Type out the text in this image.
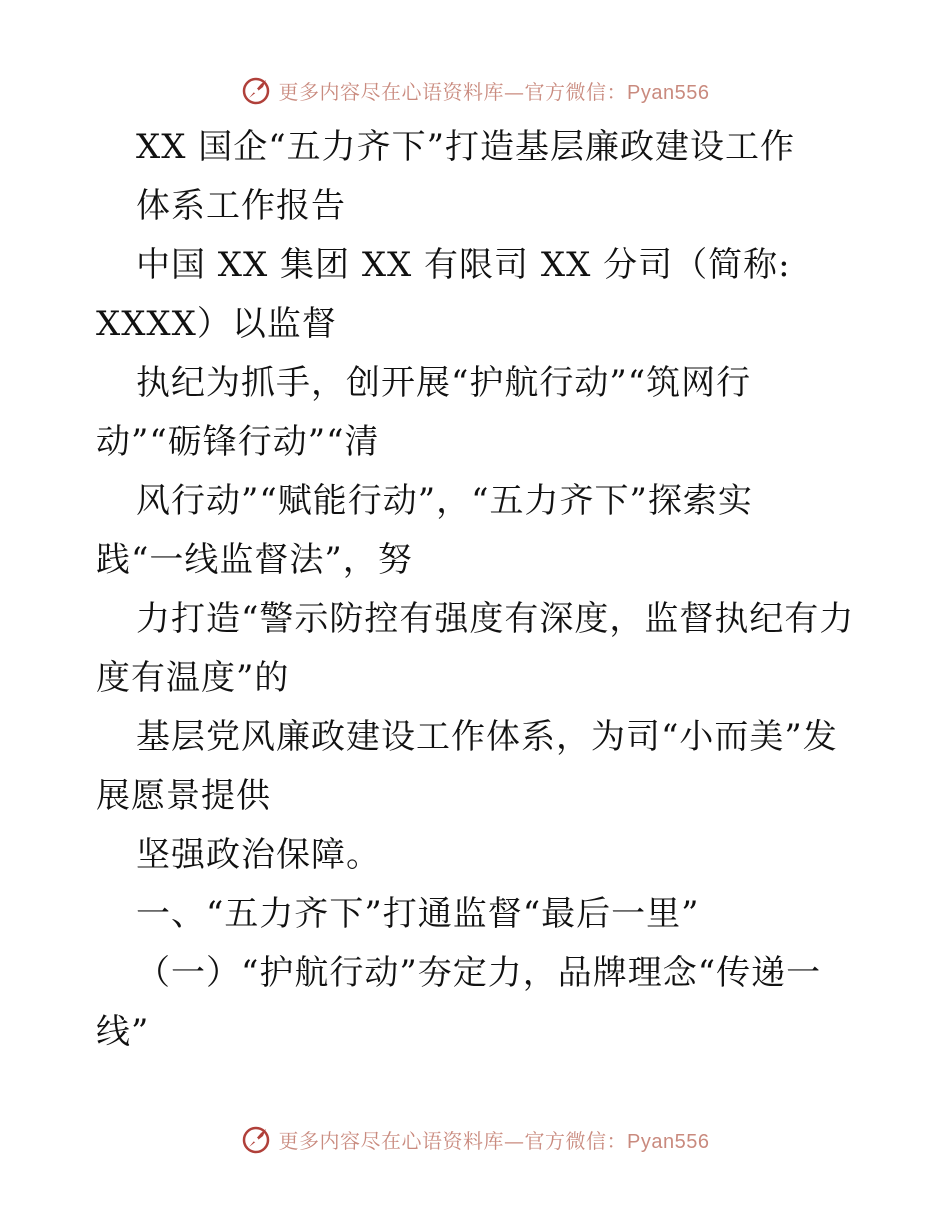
更多内容尽在心语资料库—官方微信：Pyan556
XX 国企“五力齐下”打造基层廉政建设工作
体系工作报告
中国 XX 集团 XX 有限司 XX 分司（简称:
XXXX）以监督
执纪为抓手，创开展“护航行动”“筑网行
动”“砺锋行动”“清
风行动”“赋能行动”，“五力齐下”探索实
践“一线监督法”，努
力打造“警示防控有强度有深度，监督执纪有力
度有温度”的
基层党风廉政建设工作体系，为司“小而美”发
展愿景提供
坚强政治保障。
一、“五力齐下”打通监督“最后一里”
（一）“护航行动”夯定力，品牌理念“传递一
线”
更多内容尽在心语资料库—官方微信：Pyan556
